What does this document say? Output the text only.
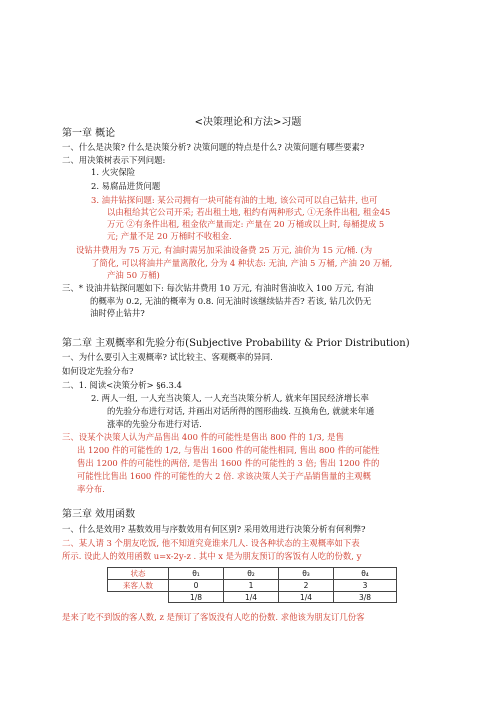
<决策理论和方法>习题
第一章 概论
一、什么是决策? 什么是决策分析? 决策问题的特点是什么? 决策问题有哪些要素?
二、用决策树表示下列问题:
1. 火灾保险
2. 易腐品进货问题
3. 油井钻探问题: 某公司拥有一块可能有油的土地, 该公司可以自己钻井, 也可
以由租给其它公司开采; 若出租土地, 租约有两种形式, ①无条件出租, 租金45
万元 ②有条件出租, 租金依产量而定: 产量在 20 万桶或以上时, 每桶提成 5
元; 产量不足 20 万桶时不收租金.
设钻井费用为 75 万元, 有油时需另加采油设备费 25 万元, 油价为 15 元/桶. (为
了简化, 可以将油井产量离散化, 分为 4 种状态: 无油, 产油 5 万桶, 产油 20 万桶,
产油 50 万桶)
三、* 设油井钻探问题如下: 每次钻井费用 10 万元, 有油时售油收入 100 万元, 有油
的概率为 0.2, 无油的概率为 0.8. 问无油时该继续钻井否? 若该, 钻几次仍无
油时停止钻井?
第二章 主观概率和先验分布(Subjective Probability & Prior Distribution)
一、为什么要引入主观概率? 试比较主、客观概率的异同.
如何设定先验分布?
二、1. 阅读<决策分析> §6.3.4
2. 两人一组, 一人充当决策人, 一人充当决策分析人, 就来年国民经济增长率
的先验分布进行对话, 并画出对话所得的图形曲线. 互换角色, 就就来年通
涨率的先验分布进行对话.
三、设某个决策人认为产品售出 400 件的可能性是售出 800 件的 1/3, 是售
出 1200 件的可能性的 1/2, 与售出 1600 件的可能性相同, 售出 800 件的可能性
售出 1200 件的可能性的两倍, 是售出 1600 件的可能性的 3 倍; 售出 1200 件的
可能性比售出 1600 件的可能性的大 2 倍. 求该决策人关于产品销售量的主观概
率分布.
第三章 效用函数
一、什么是效用? 基数效用与序数效用有何区别? 采用效用进行决策分析有何利弊?
二、某人请 3 个朋友吃饭, 他不知道究竟谁来几人. 设各种状态的主观概率如下表
所示. 设此人的效用函数 u=x-2y-z . 其中 x 是为朋友预订的客饭有人吃的份数, y
状态	θ₁	θ₂	θ₃	θ₄
来客人数	0	1	2	3
	1/8	1/4	1/4	3/8
是来了吃不到饭的客人数, z 是预订了客饭没有人吃的份数. 求他该为朋友订几份客
